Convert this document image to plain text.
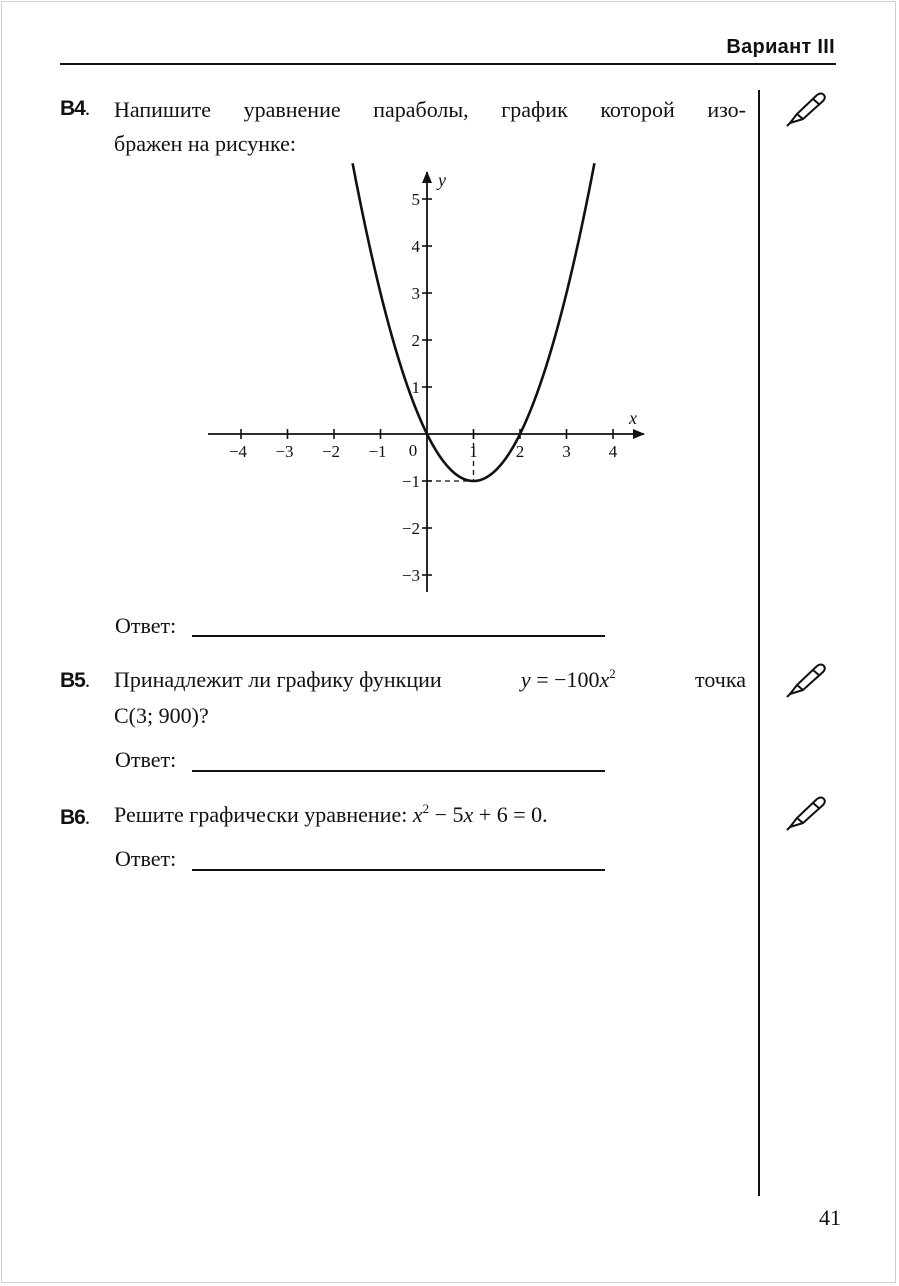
Вариант III
B4. Напишите уравнение параболы, график которой изо-
бражен на рисунке:
−4 −3 −2 −1	1 2 3 4
5
4
3
2
1
−1
−2
−3
0
x
y
Ответ:
B5. Принадлежит ли графику функции	$y = -100x^2$	точка
C(3; 900)?
Ответ:
B6. Решите графически уравнение: $x^2 - 5x + 6 = 0$.
Ответ:
41
